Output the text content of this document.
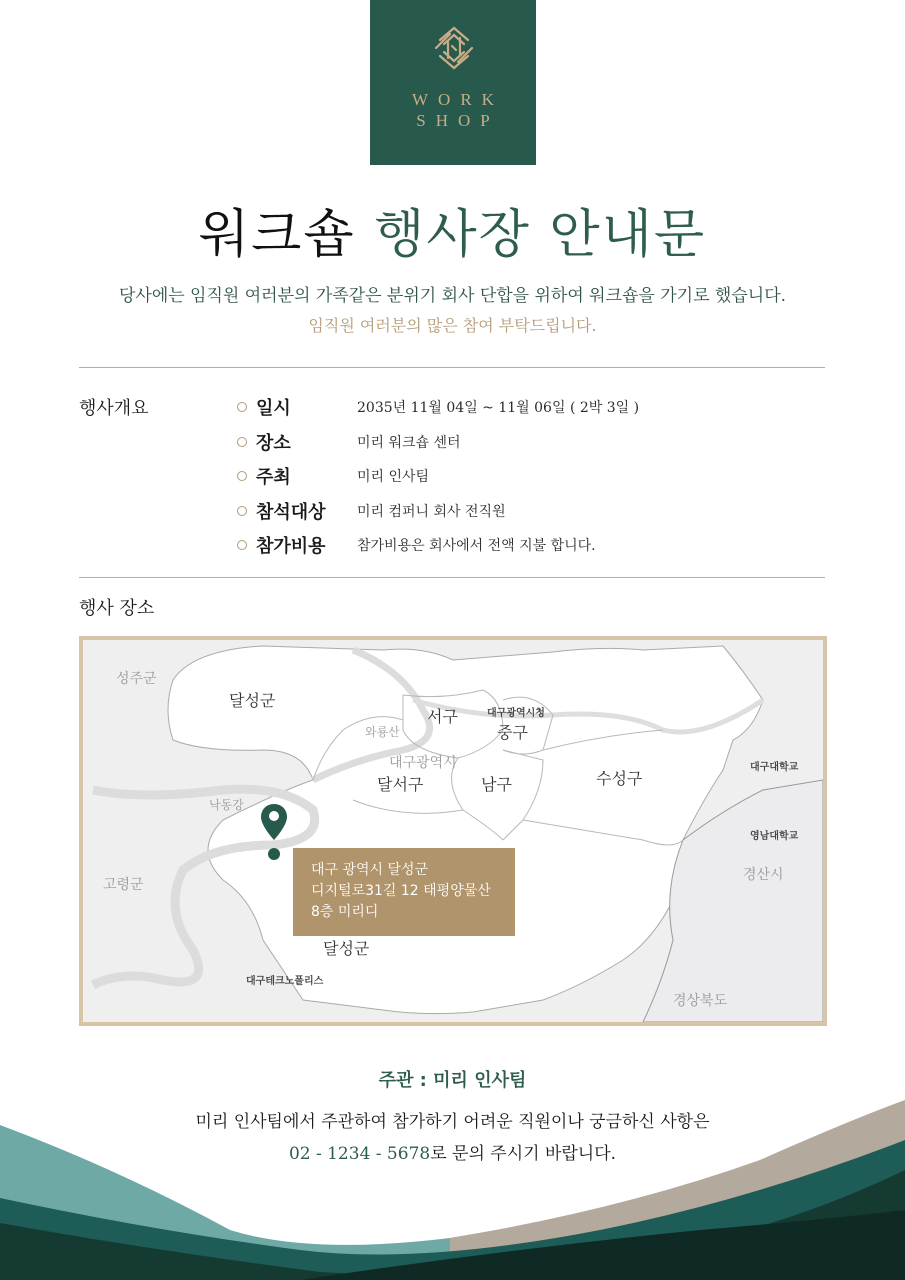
WORK
SHOP
워크숍 행사장 안내문

당사에는 임직원 여러분의 가족같은 분위기 회사 단합을 위하여 워크숍을 가기로 했습니다.

임직원 여러분의 많은 참여 부탁드립니다.

행사개요	일시	2035년 11월 04일 ~ 11월 06일 ( 2박 3일 )
장소	미리 워크숍 센터
주최	미리 인사팀
참석대상	미리 컴퍼니 회사 전직원
참가비용	참가비용은 회사에서 전액 지불 합니다.
행사 장소
성주군
달성군
서구	대구광역시청
중구
와룡산
대구광역시
달서구	남구	수성구
대구대학교
낙동강
영남대학교
고령군
경산시
달성군
대구테크노폴리스
경상북도
대구 광역시 달성군
디지털로31길 12 태평양물산
8층 미리디
주관 : 미리 인사팀
미리 인사팀에서 주관하여 참가하기 어려운 직원이나 궁금하신 사항은
02 - 1234 - 5678로 문의 주시기 바랍니다.
